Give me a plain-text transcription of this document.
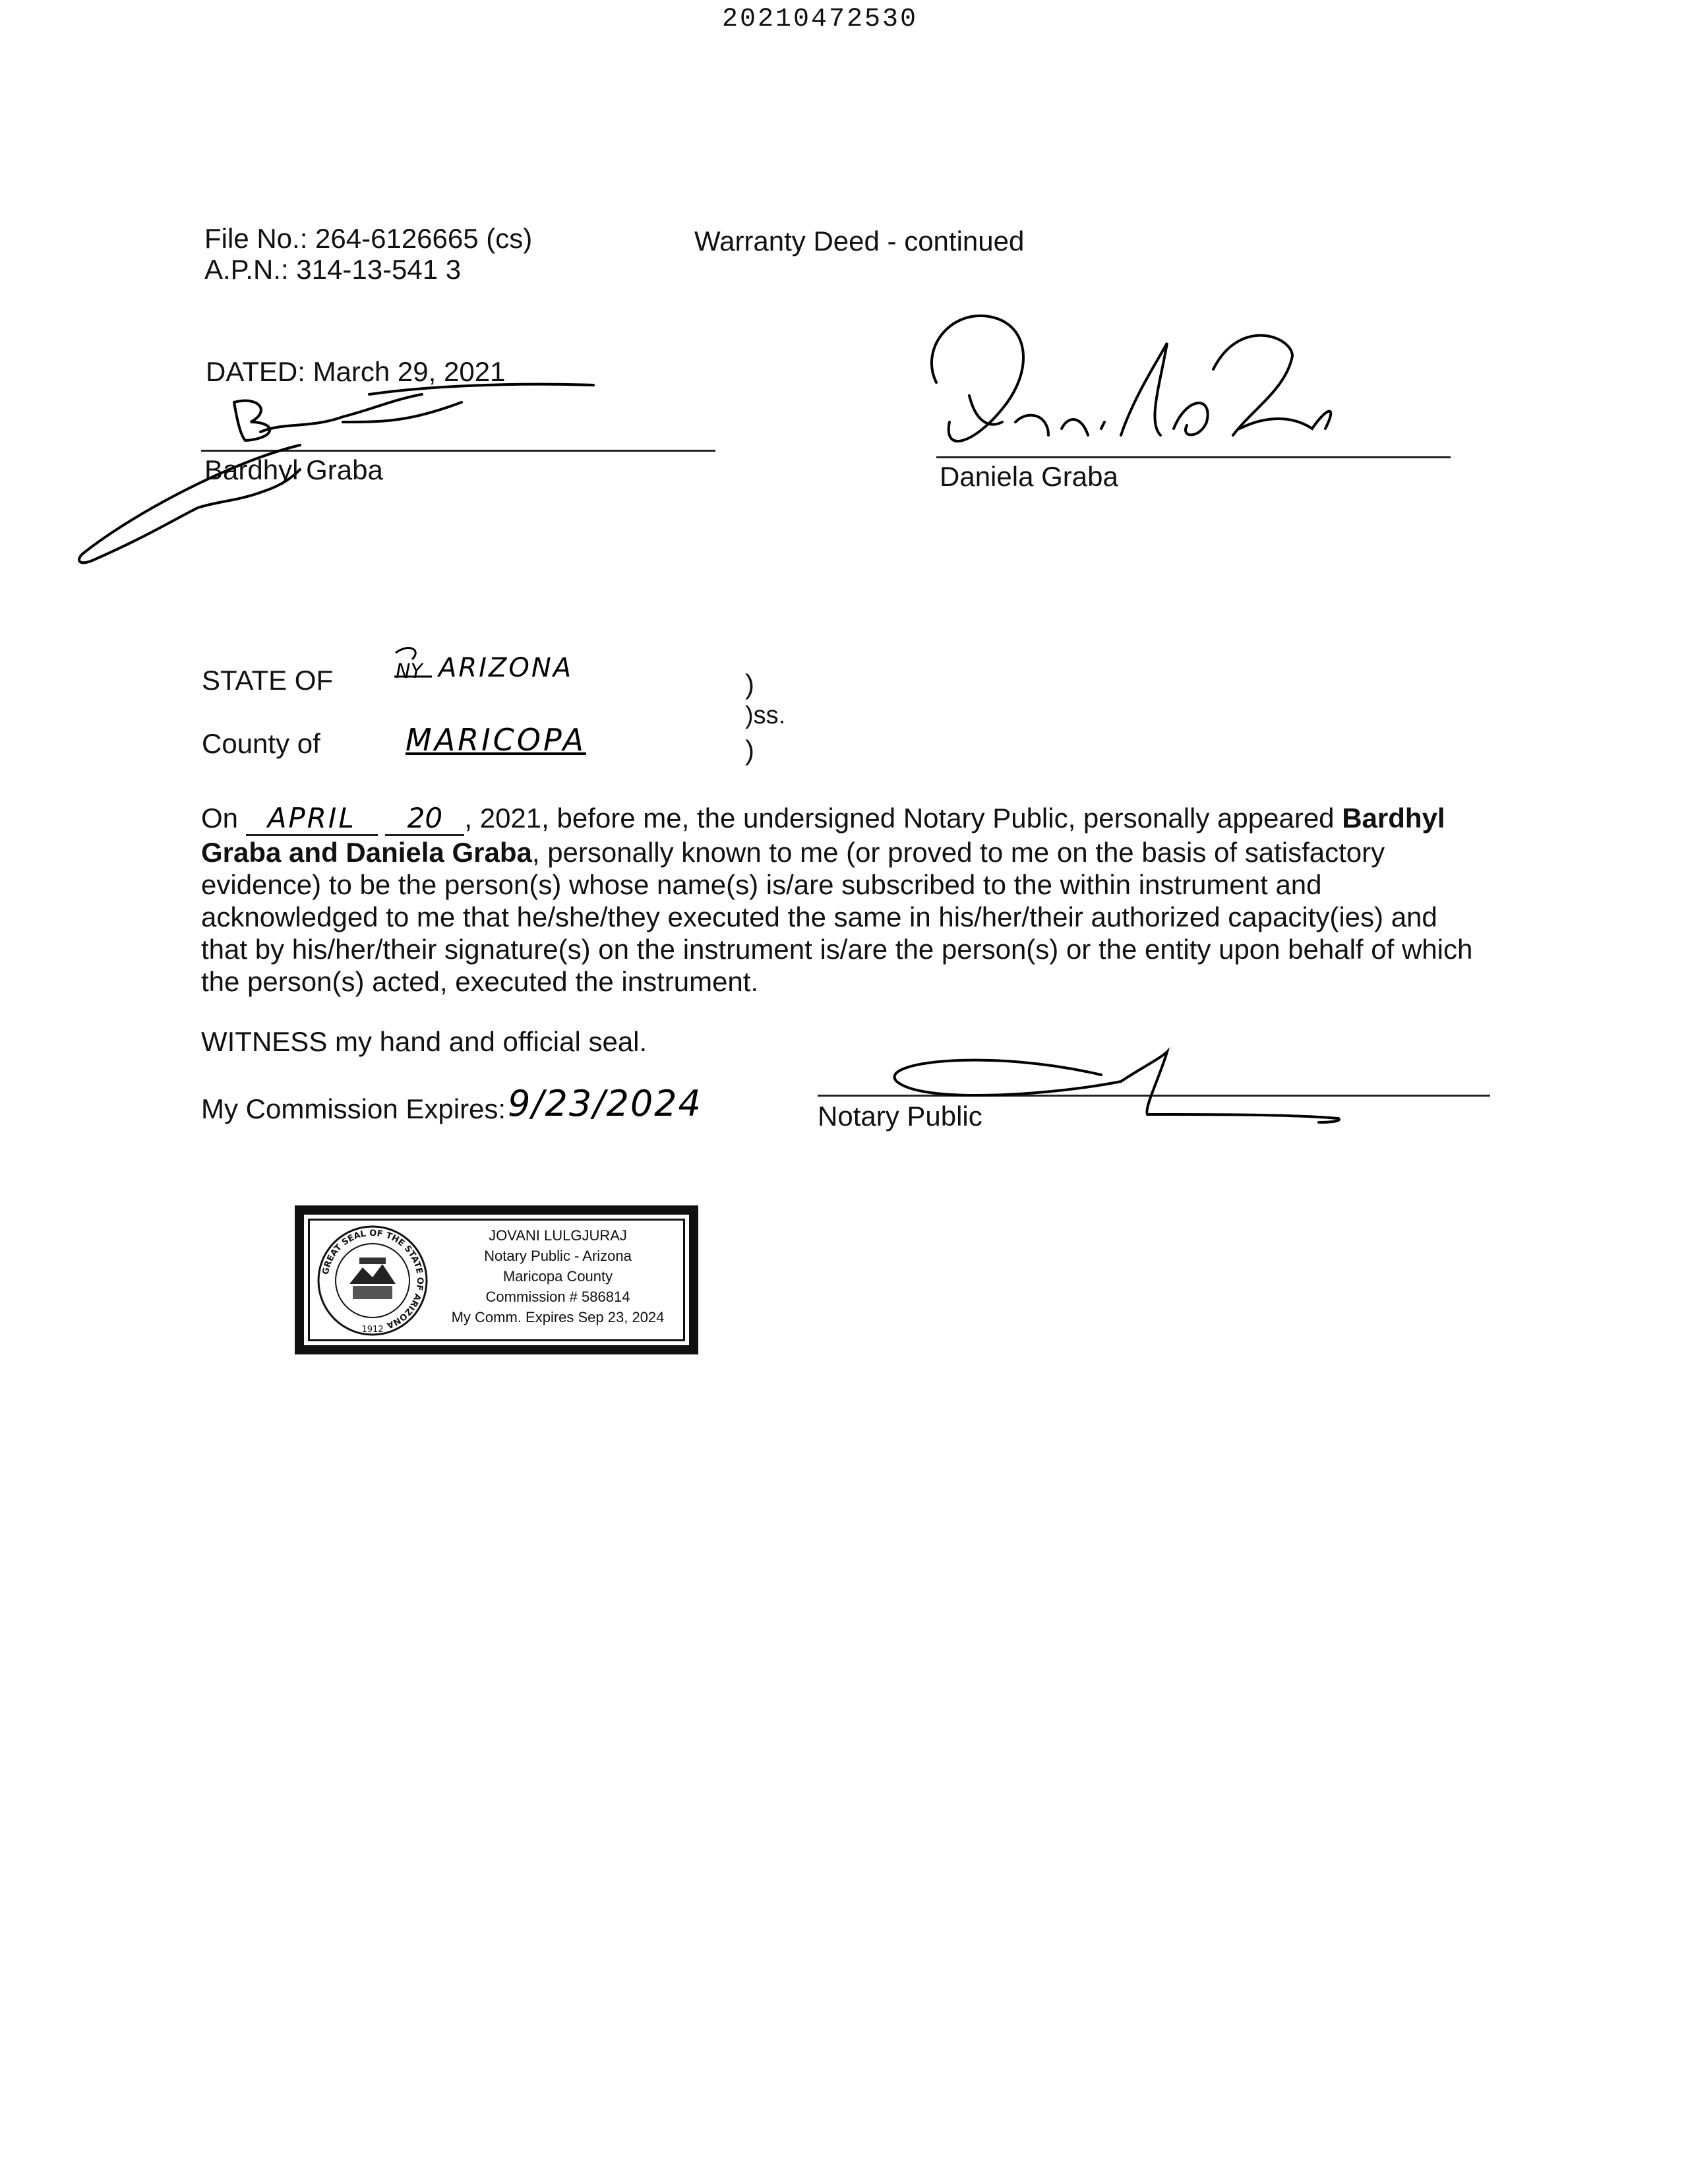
20210472530
File No.: 264-6126665 (cs)
A.P.N.: 314-13-541 3
Warranty Deed - continued
DATED: March 29, 2021
Bardhyl Graba	Daniela Graba
STATE OF	ARIZONA
County of	MARICOPA
)
)ss.
)
On APRIL 20 , 2021, before me, the undersigned Notary Public, personally appeared Bardhyl Graba and Daniela Graba, personally known to me (or proved to me on the basis of satisfactory evidence) to be the person(s) whose name(s) is/are subscribed to the within instrument and acknowledged to me that he/she/they executed the same in his/her/their authorized capacity(ies) and that by his/her/their signature(s) on the instrument is/are the person(s) or the entity upon behalf of which the person(s) acted, executed the instrument.
WITNESS my hand and official seal.
My Commission Expires: 9/23/2024	Notary Public
NY
GREAT SEAL OF THE STATE OF ARIZONA
1912
JOVANI LULGJURAJ
Notary Public - Arizona
Maricopa County
Commission # 586814
My Comm. Expires Sep 23, 2024
